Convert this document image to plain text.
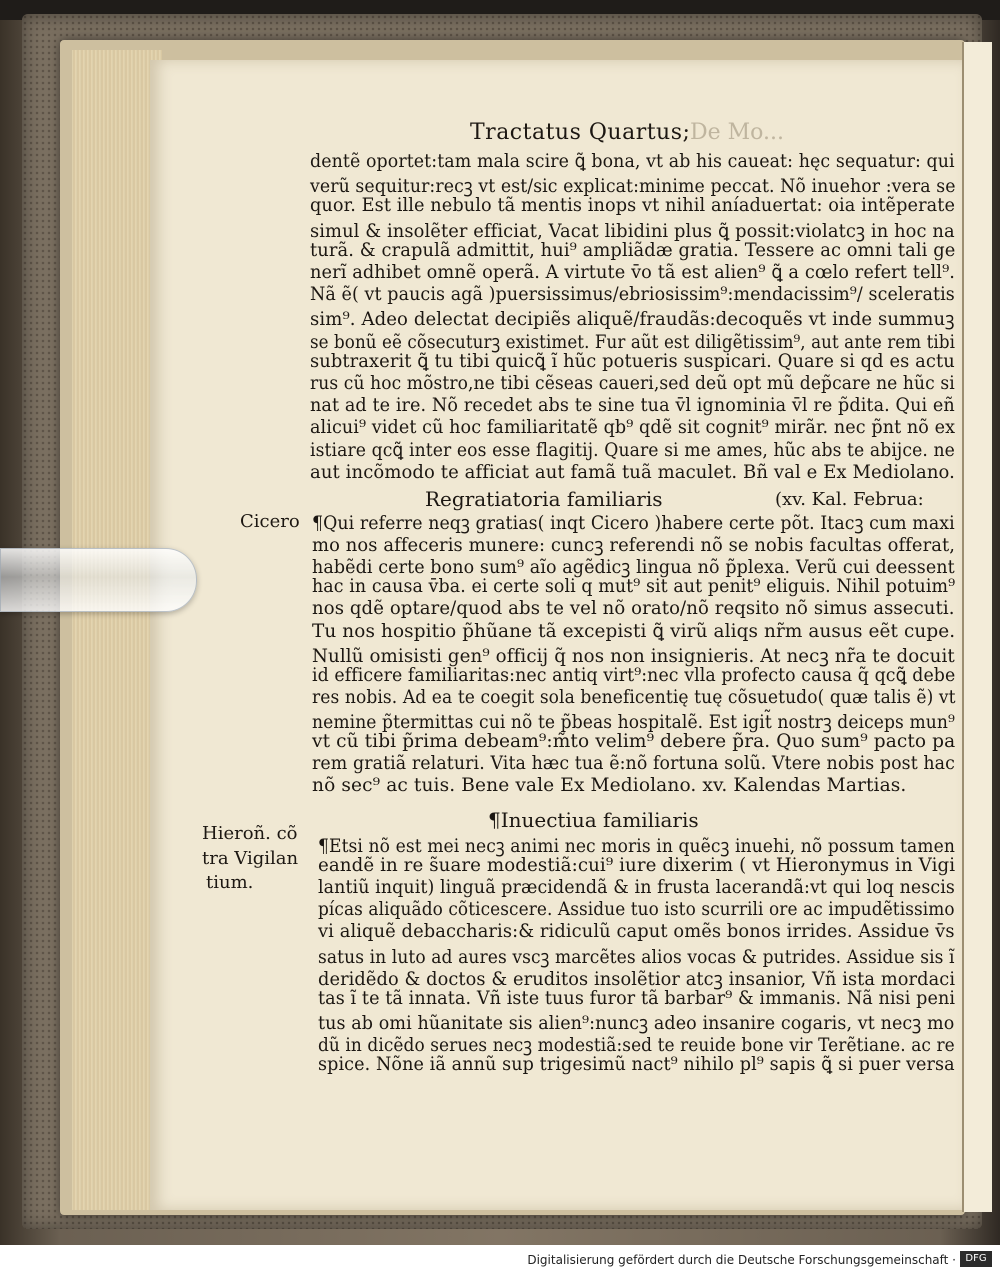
Tractatus Quartus; De Mo...
dentẽ oportet:tam mala scire ꝗ̃ bona, vt ab his caueat: hęc sequatur: qui
verũ sequitur:recꝫ vt est/sic explicat:minime peccat. Nõ inuehor :vera se
quor. Est ille nebulo tã mentis inops vt nihil aníaduertat: oia intẽperate
simul & insolẽter efficiat, Vacat libidini plus ꝗ̃ possit:violatcꝫ in hoc na
turã. & crapulã admittit, hui⁹ ampliãdæ gratia. Tessere ac omni tali ge
nerĩ adhibet omnẽ operã. A virtute v̄o tã est alien⁹ ꝗ̃ a cœlo refert tell⁹.
Nã ẽ( vt paucis agã )puersissimus/ebriosissim⁹:mendacissim⁹/ sceleratis
sim⁹. Adeo delectat decipiẽs aliquẽ/fraudãs:decoquẽs vt inde summuꝫ
se bonũ eẽ cõsecuturꝫ existimet. Fur aũt est diligẽtissim⁹, aut ante rem tibi
subtraxerit ꝗ̃ tu tibi quicꝗ̃ ĩ hũc potueris suspicari. Quare si qd es actu
rus cũ hoc mõstro,ne tibi cẽseas caueri,sed deũ opt mũ dep̃care ne hũc si
nat ad te ire. Nõ recedet abs te sine tua v̄l ignominia v̄l re p̃dita. Qui eñ
alicui⁹ videt cũ hoc familiaritatẽ qb⁹ qdẽ sit cognit⁹ mirãr. nec p̃nt nõ ex
istiare qcꝗ̃ inter eos esse flagitij. Quare si me ames, hũc abs te abijce. ne
aut incõmodo te afficiat aut famã tuã maculet. Bñ val e Ex Mediolano.
Regratiatoria familiaris	(xv. Kal. Februa:
Cicero ¶Qui referre neqꝫ gratias( inqt Cicero )habere certe põt. Itacꝫ cum maxi
mo nos affeceris munere: cuncꝫ referendi nõ se nobis facultas offerat,
habẽdi certe bono sum⁹ aĩo agẽdicꝫ lingua nõ p̃plexa. Verũ cui deessent
hac in causa v̄ba. ei certe soli q mut⁹ sit aut penit⁹ eliguis. Nihil potuim⁹
nos qdẽ optare/quod abs te vel nõ orato/nõ reqsito nõ simus assecuti.
Tu nos hospitio p̃hũane tã excepisti ꝗ̃ virũ aliqs nr̃m ausus eẽt cupe.
Nullũ omisisti gen⁹ officij q̃ nos non insignieris. At necꝫ nr̃a te docuit
id efficere familiaritas:nec antiq virt⁹:nec vlla profecto causa q̃ qcꝗ̃ debe
res nobis. Ad ea te coegit sola beneficentię tuę cõsuetudo( quæ talis ẽ) vt
nemine p̃termittas cui nõ te p̃beas hospitalẽ. Est igit̃ nostrꝫ deiceps mun⁹
vt cũ tibi p̃rima debeam⁹:m̃to velim⁹ debere p̃ra. Quo sum⁹ pacto pa
rem gratiã relaturi. Vita hæc tua ẽ:nõ fortuna solũ. Vtere nobis post hac
nõ sec⁹ ac tuis. Bene vale Ex Mediolano. xv. Kalendas Martias.
¶Inuectiua familiaris
Hieroñ. cõ
tra Vigilan
tium.
¶Etsi nõ est mei necꝫ animi nec moris in quẽcꝫ inuehi, nõ possum tamen
eandẽ in re s̃uare modestiã:cui⁹ iure dixerim ( vt Hieronymus in Vigi
lantiũ inquit) linguã præcidendã & in frusta lacerandã:vt qui loq nescis
pícas aliquãdo cõticescere. Assidue tuo isto scurrili ore ac impudẽtissimo
vi aliquẽ debaccharis:& ridiculũ caput omẽs bonos irrides. Assidue v̄s
satus in luto ad aures vscꝫ marcẽtes alios vocas & putrides. Assidue sis ĩ
deridẽdo & doctos & eruditos insolẽtior atcꝫ insanior, Vñ ista mordaci
tas ĩ te tã innata. Vñ iste tuus furor tã barbar⁹ & immanis. Nã nisi peni
tus ab omi hũanitate sis alien⁹:nuncꝫ adeo insanire cogaris, vt necꝫ mo
dũ in dicẽdo serues necꝫ modestiã:sed te reuide bone vir Terẽtiane. ac re
spice. Nõne iã annũ sup trigesimũ nact⁹ nihilo pl⁹ sapis ꝗ̃ si puer versa
Digitalisierung gefördert durch die Deutsche Forschungsgemeinschaft · DFG
